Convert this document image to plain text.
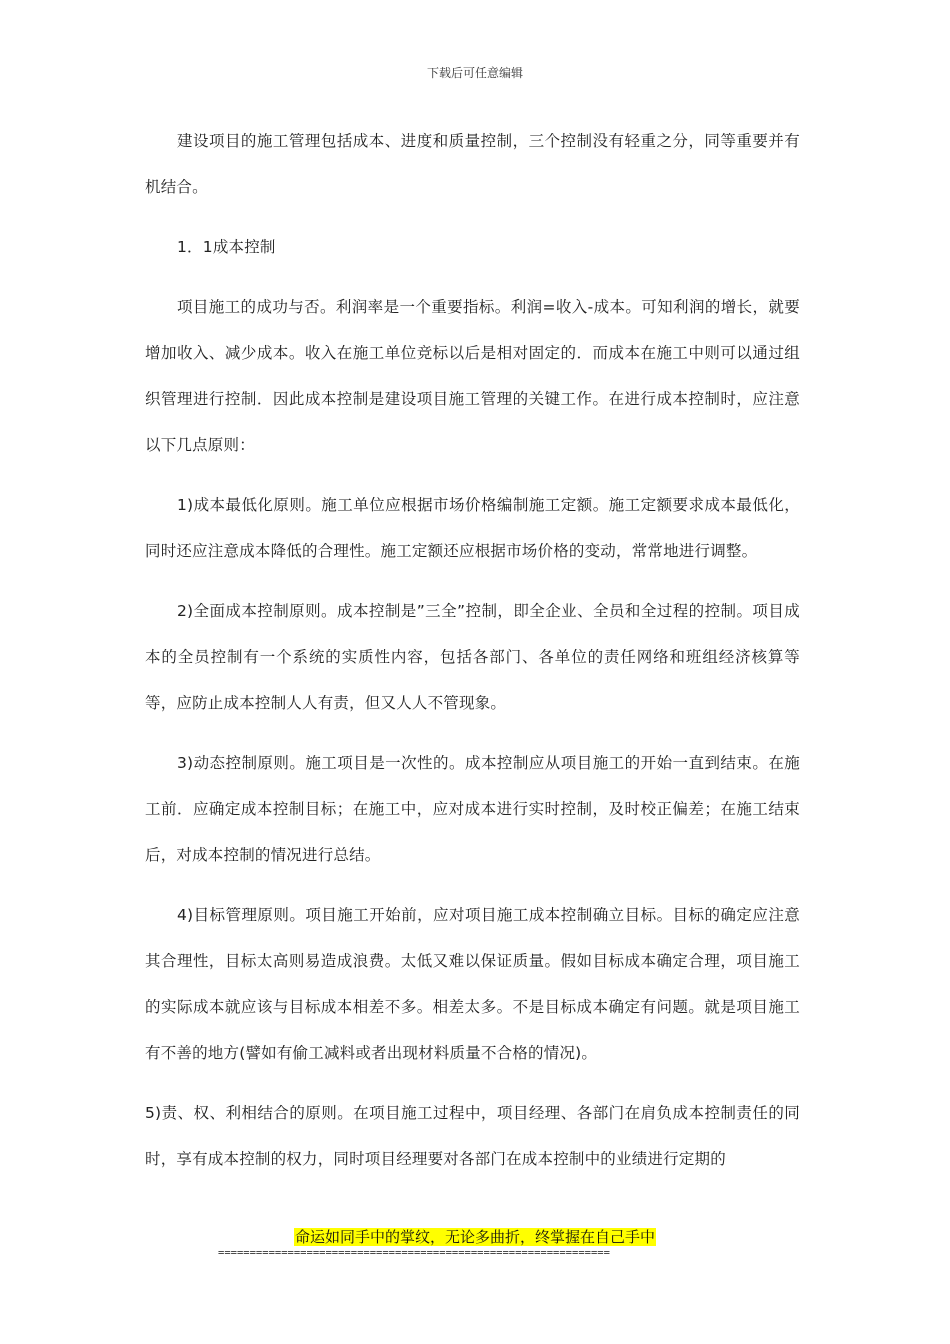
下载后可任意编辑

建设项目的施工管理包括成本、进度和质量控制，三个控制没有轻重之分，同等重要并有机结合。

1．1成本控制

项目施工的成功与否。利润率是一个重要指标。利润=收入-成本。可知利润的增长，就要增加收入、减少成本。收入在施工单位竞标以后是相对固定的．而成本在施工中则可以通过组织管理进行控制．因此成本控制是建设项目施工管理的关键工作。在进行成本控制时，应注意以下几点原则：

1)成本最低化原则。施工单位应根据市场价格编制施工定额。施工定额要求成本最低化，同时还应注意成本降低的合理性。施工定额还应根据市场价格的变动，常常地进行调整。

2)全面成本控制原则。成本控制是”三全”控制，即全企业、全员和全过程的控制。项目成本的全员控制有一个系统的实质性内容，包括各部门、各单位的责任网络和班组经济核算等等，应防止成本控制人人有责，但又人人不管现象。

3)动态控制原则。施工项目是一次性的。成本控制应从项目施工的开始一直到结束。在施工前．应确定成本控制目标；在施工中，应对成本进行实时控制，及时校正偏差；在施工结束后，对成本控制的情况进行总结。

4)目标管理原则。项目施工开始前，应对项目施工成本控制确立目标。目标的确定应注意其合理性，目标太高则易造成浪费。太低又难以保证质量。假如目标成本确定合理，项目施工的实际成本就应该与目标成本相差不多。相差太多。不是目标成本确定有问题。就是项目施工有不善的地方(譬如有偷工减料或者出现材料质量不合格的情况)。

5)责、权、利相结合的原则。在项目施工过程中，项目经理、各部门在肩负成本控制责任的同时，享有成本控制的权力，同时项目经理要对各部门在成本控制中的业绩进行定期的

命运如同手中的掌纹，无论多曲折，终掌握在自己手中
==============================================================
